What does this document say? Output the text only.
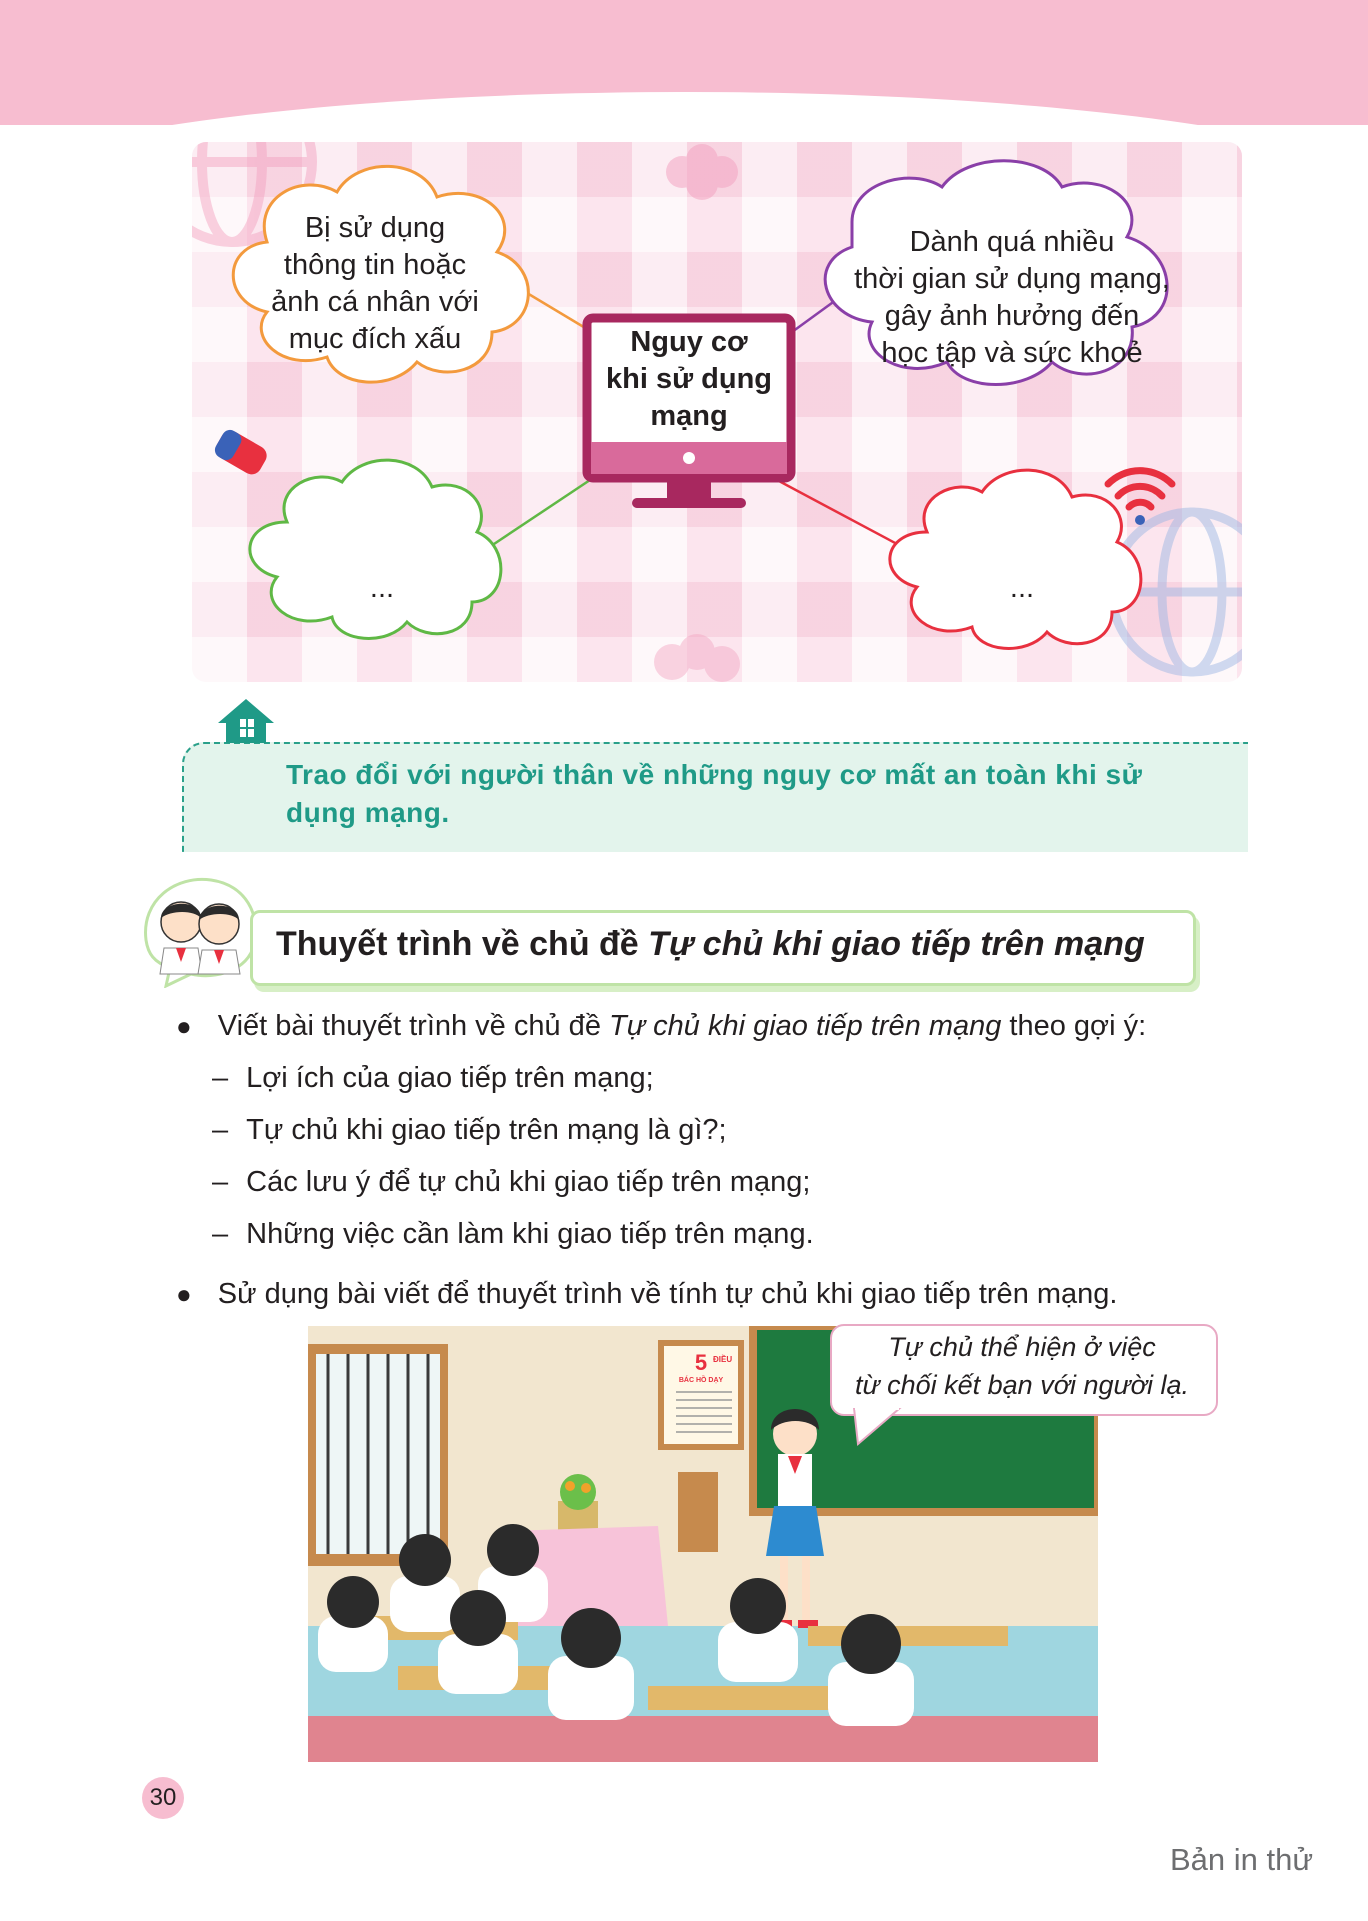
Bị sử dụng
thông tin hoặc
ảnh cá nhân với
mục đích xấu
Dành quá nhiều
thời gian sử dụng mạng,
gây ảnh hưởng đến
học tập và sức khoẻ
...	...
Nguy cơ
khi sử dụng
mạng
Trao đổi với người thân về những nguy cơ mất an toàn khi sử
dụng mạng.
Thuyết trình về chủ đề Tự chủ khi giao tiếp trên mạng
● Viết bài thuyết trình về chủ đề Tự chủ khi giao tiếp trên mạng theo gợi ý:
– Lợi ích của giao tiếp trên mạng;
– Tự chủ khi giao tiếp trên mạng là gì?;
– Các lưu ý để tự chủ khi giao tiếp trên mạng;
– Những việc cần làm khi giao tiếp trên mạng.
● Sử dụng bài viết để thuyết trình về tính tự chủ khi giao tiếp trên mạng.
5 ĐIỀU
BÁC HỒ DẠY
Tự chủ thể hiện ở việc
từ chối kết bạn với người lạ.
30
Bản in thử
